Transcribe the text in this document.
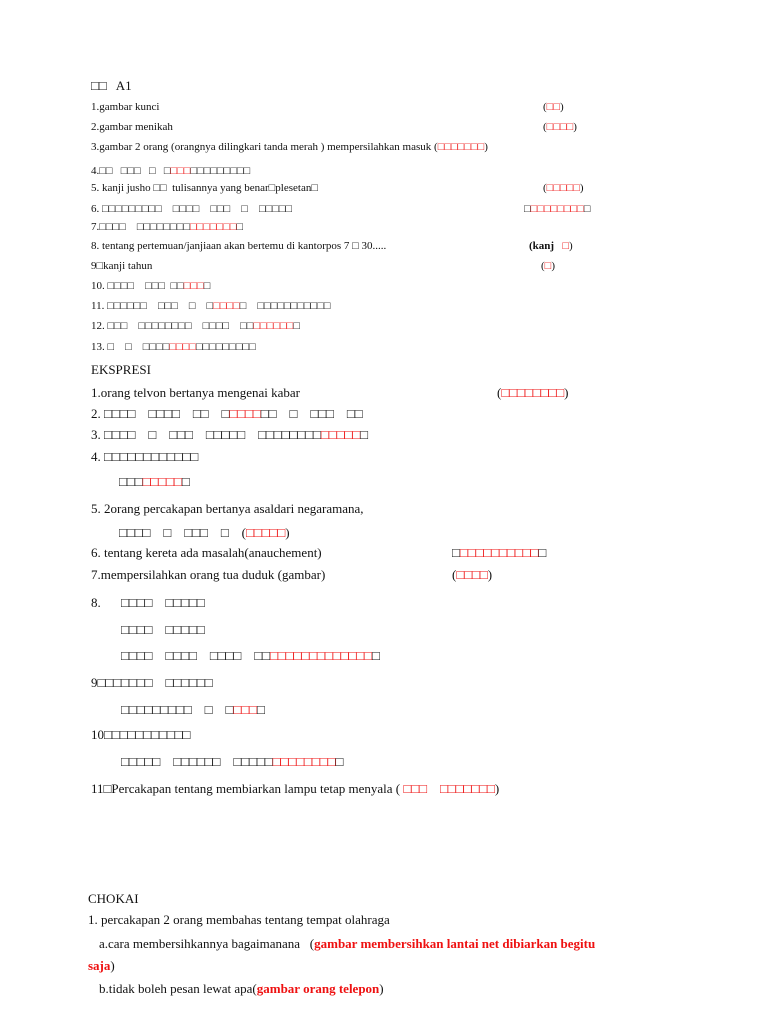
□□   A1
1.gambar kunci	(□□)
2.gambar menikah	(□□□□)
3.gambar 2 orang (orangnya dilingkari tanda merah ) mempersilahkan masuk (□□□□□□□)
4.□□   □□□   □   □□□□□□□□□□□□□
5. kanji jusho □□  tulisannya yang benar□plesetan□	(□□□□□)
6. □□□□□□□□□    □□□□    □□□    □    □□□□□	□□□□□□□□□□
7.□□□□    □□□□□□□□□□□□□□□□
8. tentang pertemuan/janjiaan akan bertemu di kantorpos 7 □ 30.....	(kanj   □)
9□kanji tahun	(□)
10. □□□□    □□□  □□□□□□
11. □□□□□□    □□□    □    □□□□□□    □□□□□□□□□□□
12. □□□    □□□□□□□□    □□□□    □□□□□□□□□
13. □    □    □□□□□□□□□□□□□□□□□
EKSPRESI
1.orang telvon bertanya mengenai kabar	(□□□□□□□□)
2. □□□□    □□□□    □□    □□□□□□□    □    □□□    □□
3. □□□□    □    □□□    □□□□□    □□□□□□□□□□□□□□
4. □□□□□□□□□□□□
□□□□□□□□□
5. 2orang percakapan bertanya asaldari negaramana,
□□□□    □    □□□    □    (□□□□□)
6. tentang kereta ada masalah(anauchement)	□□□□□□□□□□□□
7.mempersilahkan orang tua duduk (gambar)	(□□□□)
8. □□□□    □□□□□
□□□□    □□□□□
□□□□    □□□□    □□□□    □□□□□□□□□□□□□□□□
9□□□□□□□    □□□□□□
□□□□□□□□□    □    □□□□□
10□□□□□□□□□□□
□□□□□    □□□□□□    □□□□□□□□□□□□□□
11□Percakapan tentang membiarkan lampu tetap menyala ( □□□    □□□□□□□)
CHOKAI
1. percakapan 2 orang membahas tentang tempat olahraga
a.cara membersihkannya bagaimanana   (gambar membersihkan lantai net dibiarkan begitu
saja)
b.tidak boleh pesan lewat apa(gambar orang telepon)
